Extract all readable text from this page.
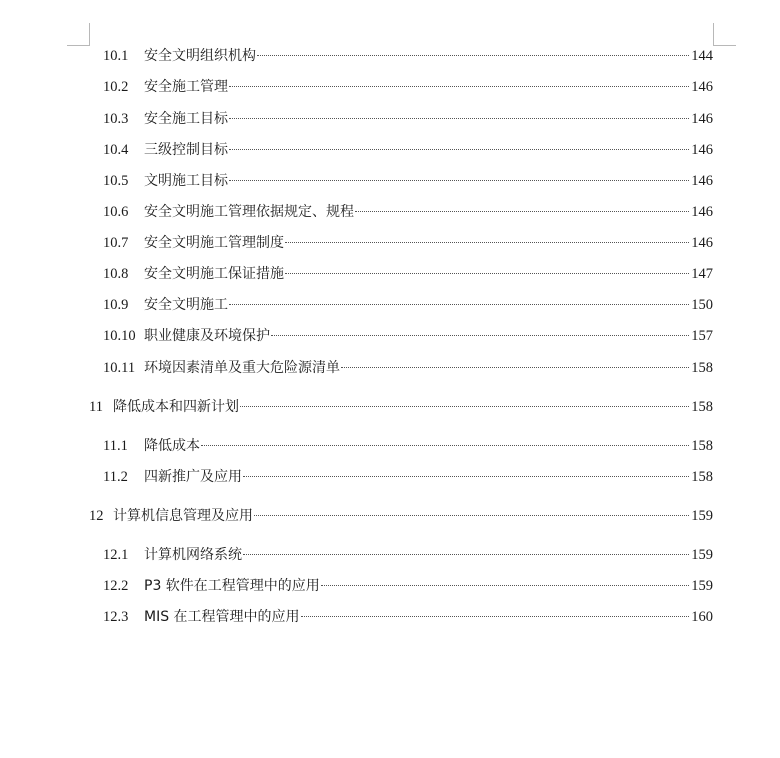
10.1	安全文明组织机构	144
10.2	安全施工管理	146
10.3	安全施工目标	146
10.4	三级控制目标	146
10.5	文明施工目标	146
10.6	安全文明施工管理依据规定、规程	146
10.7	安全文明施工管理制度	146
10.8	安全文明施工保证措施	147
10.9	安全文明施工	150
10.10 职业健康及环境保护	157
10.11 环境因素清单及重大危险源清单	158
11 降低成本和四新计划	158
11.1	降低成本	158
11.2	四新推广及应用	158
12 计算机信息管理及应用	159
12.1	计算机网络系统	159
12.2	P3 软件在工程管理中的应用	159
12.3	MIS 在工程管理中的应用	160
